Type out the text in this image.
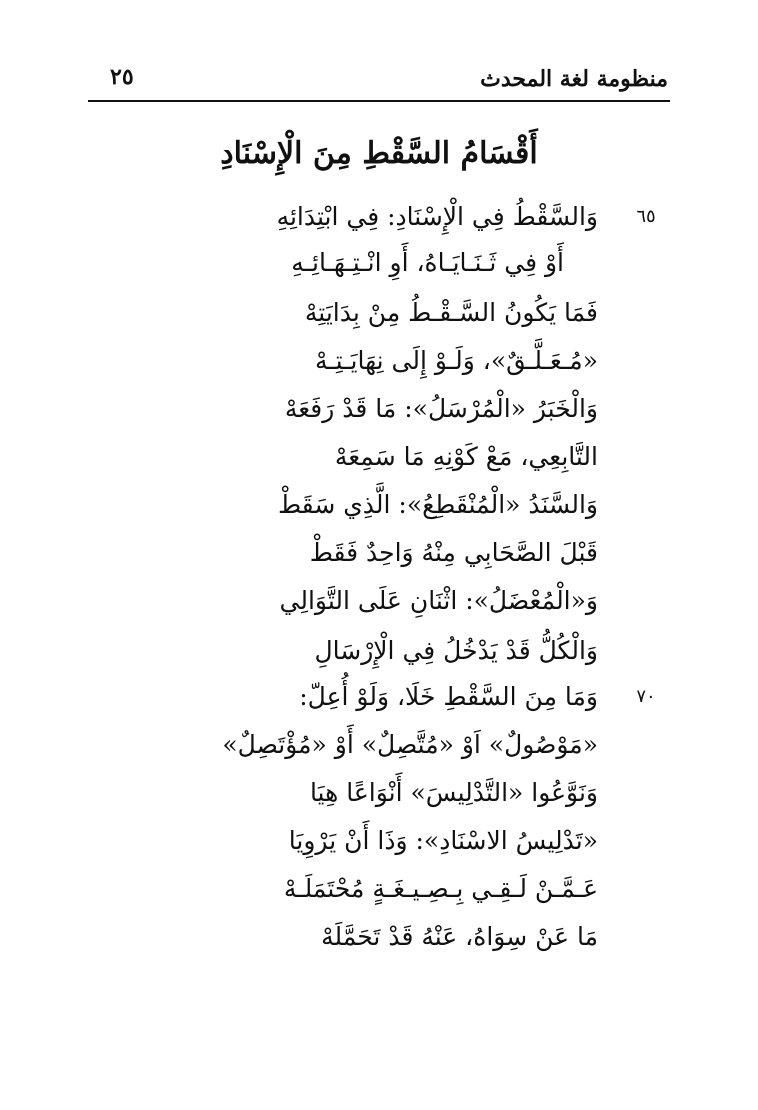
٢٥	منظومة لغة المحدث
أَقْسَامُ السَّقْطِ مِنَ الْإِسْنَادِ
٦٥
وَالسَّقْطُ فِي الْإِسْنَادِ: فِي ابْتِدَائِهِ
أَوْ فِي ثَـنَـايَـاهُ، أَوِ انْـتِـهَـائِـهِ
فَمَا يَكُونُ السَّـقْـطُ مِنْ بِدَايَتِهْ
«مُـعَـلَّـقٌ»، وَلَـوْ إِلَى نِهَايَـتِـهْ
وَالْخَبَرُ «الْمُرْسَلُ»: مَا قَدْ رَفَعَهْ
التَّابِعِي، مَعْ كَوْنِهِ مَا سَمِعَهْ
وَالسَّنَدُ «الْمُنْقَطِعُ»: الَّذِي سَقَطْ
قَبْلَ الصَّحَابِي مِنْهُ وَاحِدٌ فَقَطْ
وَ«الْمُعْضَلُ»: اثْنَانِ عَلَى التَّوَالِي
وَالْكُلُّ قَدْ يَدْخُلُ فِي الْإِرْسَالِ
٧٠
وَمَا مِنَ السَّقْطِ خَلَا، وَلَوْ أُعِلّ:
«مَوْصُولٌ» اَوْ «مُتَّصِلٌ» أَوْ «مُؤْتَصِلٌ»
وَنَوَّعُوا «التَّدْلِيسَ» أَنْوَاعًا هِيَا
«تَدْلِيسُ الاسْنَادِ»: وَذَا أَنْ يَرْوِيَا
عَـمَّـنْ لَـقِـي بِـصِـيـغَـةٍ مُحْتَمَلَـهْ
مَا عَنْ سِوَاهُ، عَنْهُ قَدْ تَحَمَّلَهْ
